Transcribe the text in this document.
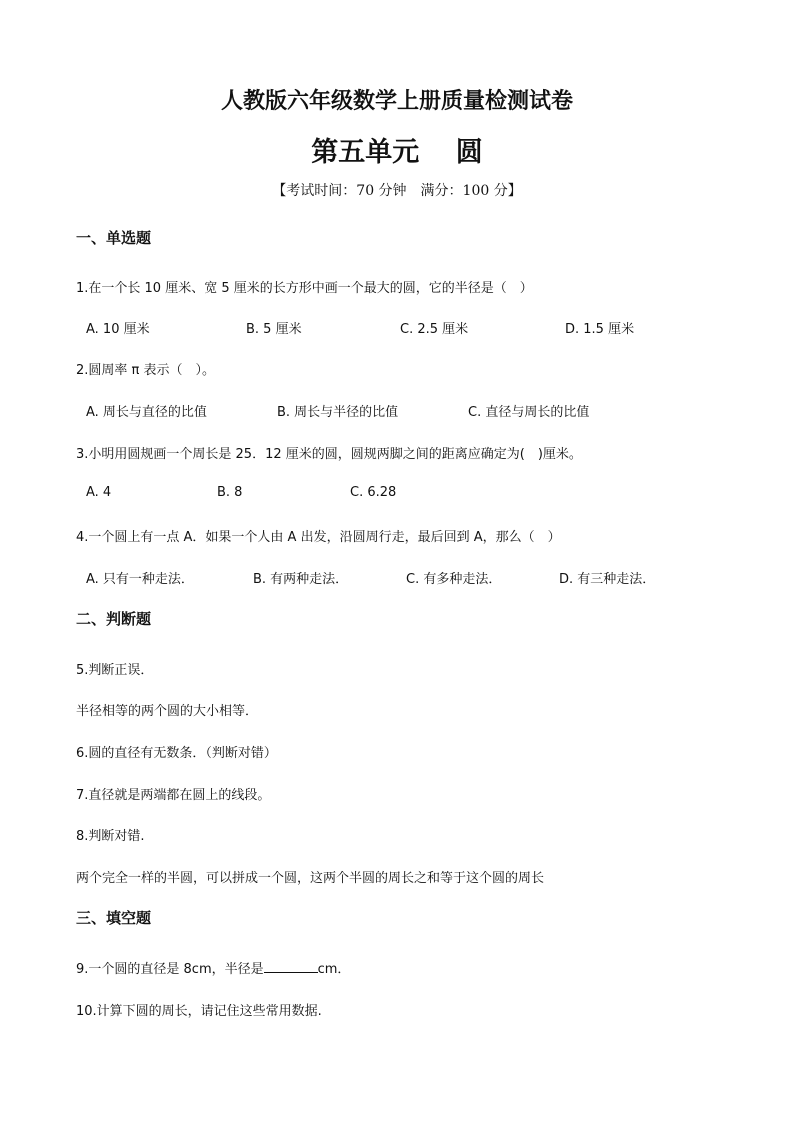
人教版六年级数学上册质量检测试卷
第五单元　 圆
【考试时间：70 分钟　满分：100 分】
一、单选题
1.在一个长 10 厘米、宽 5 厘米的长方形中画一个最大的圆，它的半径是（　）
A. 10 厘米	B. 5 厘米	C. 2.5 厘米	D. 1.5 厘米
2.圆周率 π 表示（　）。
A. 周长与直径的比值	B. 周长与半径的比值	C. 直径与周长的比值
3.小明用圆规画一个周长是 25．12 厘米的圆，圆规两脚之间的距离应确定为(　)厘米。
A. 4	B. 8	C. 6.28
4.一个圆上有一点 A．如果一个人由 A 出发，沿圆周行走，最后回到 A，那么（　）
A. 只有一种走法．	B. 有两种走法．	C. 有多种走法．	D. 有三种走法．
二、判断题
5.判断正误．
半径相等的两个圆的大小相等．
6.圆的直径有无数条．（判断对错）
7.直径就是两端都在圆上的线段。
8.判断对错.
两个完全一样的半圆，可以拼成一个圆，这两个半圆的周长之和等于这个圆的周长
三、填空题
9.一个圆的直径是 8cm，半径是	cm．
10.计算下圆的周长，请记住这些常用数据.
